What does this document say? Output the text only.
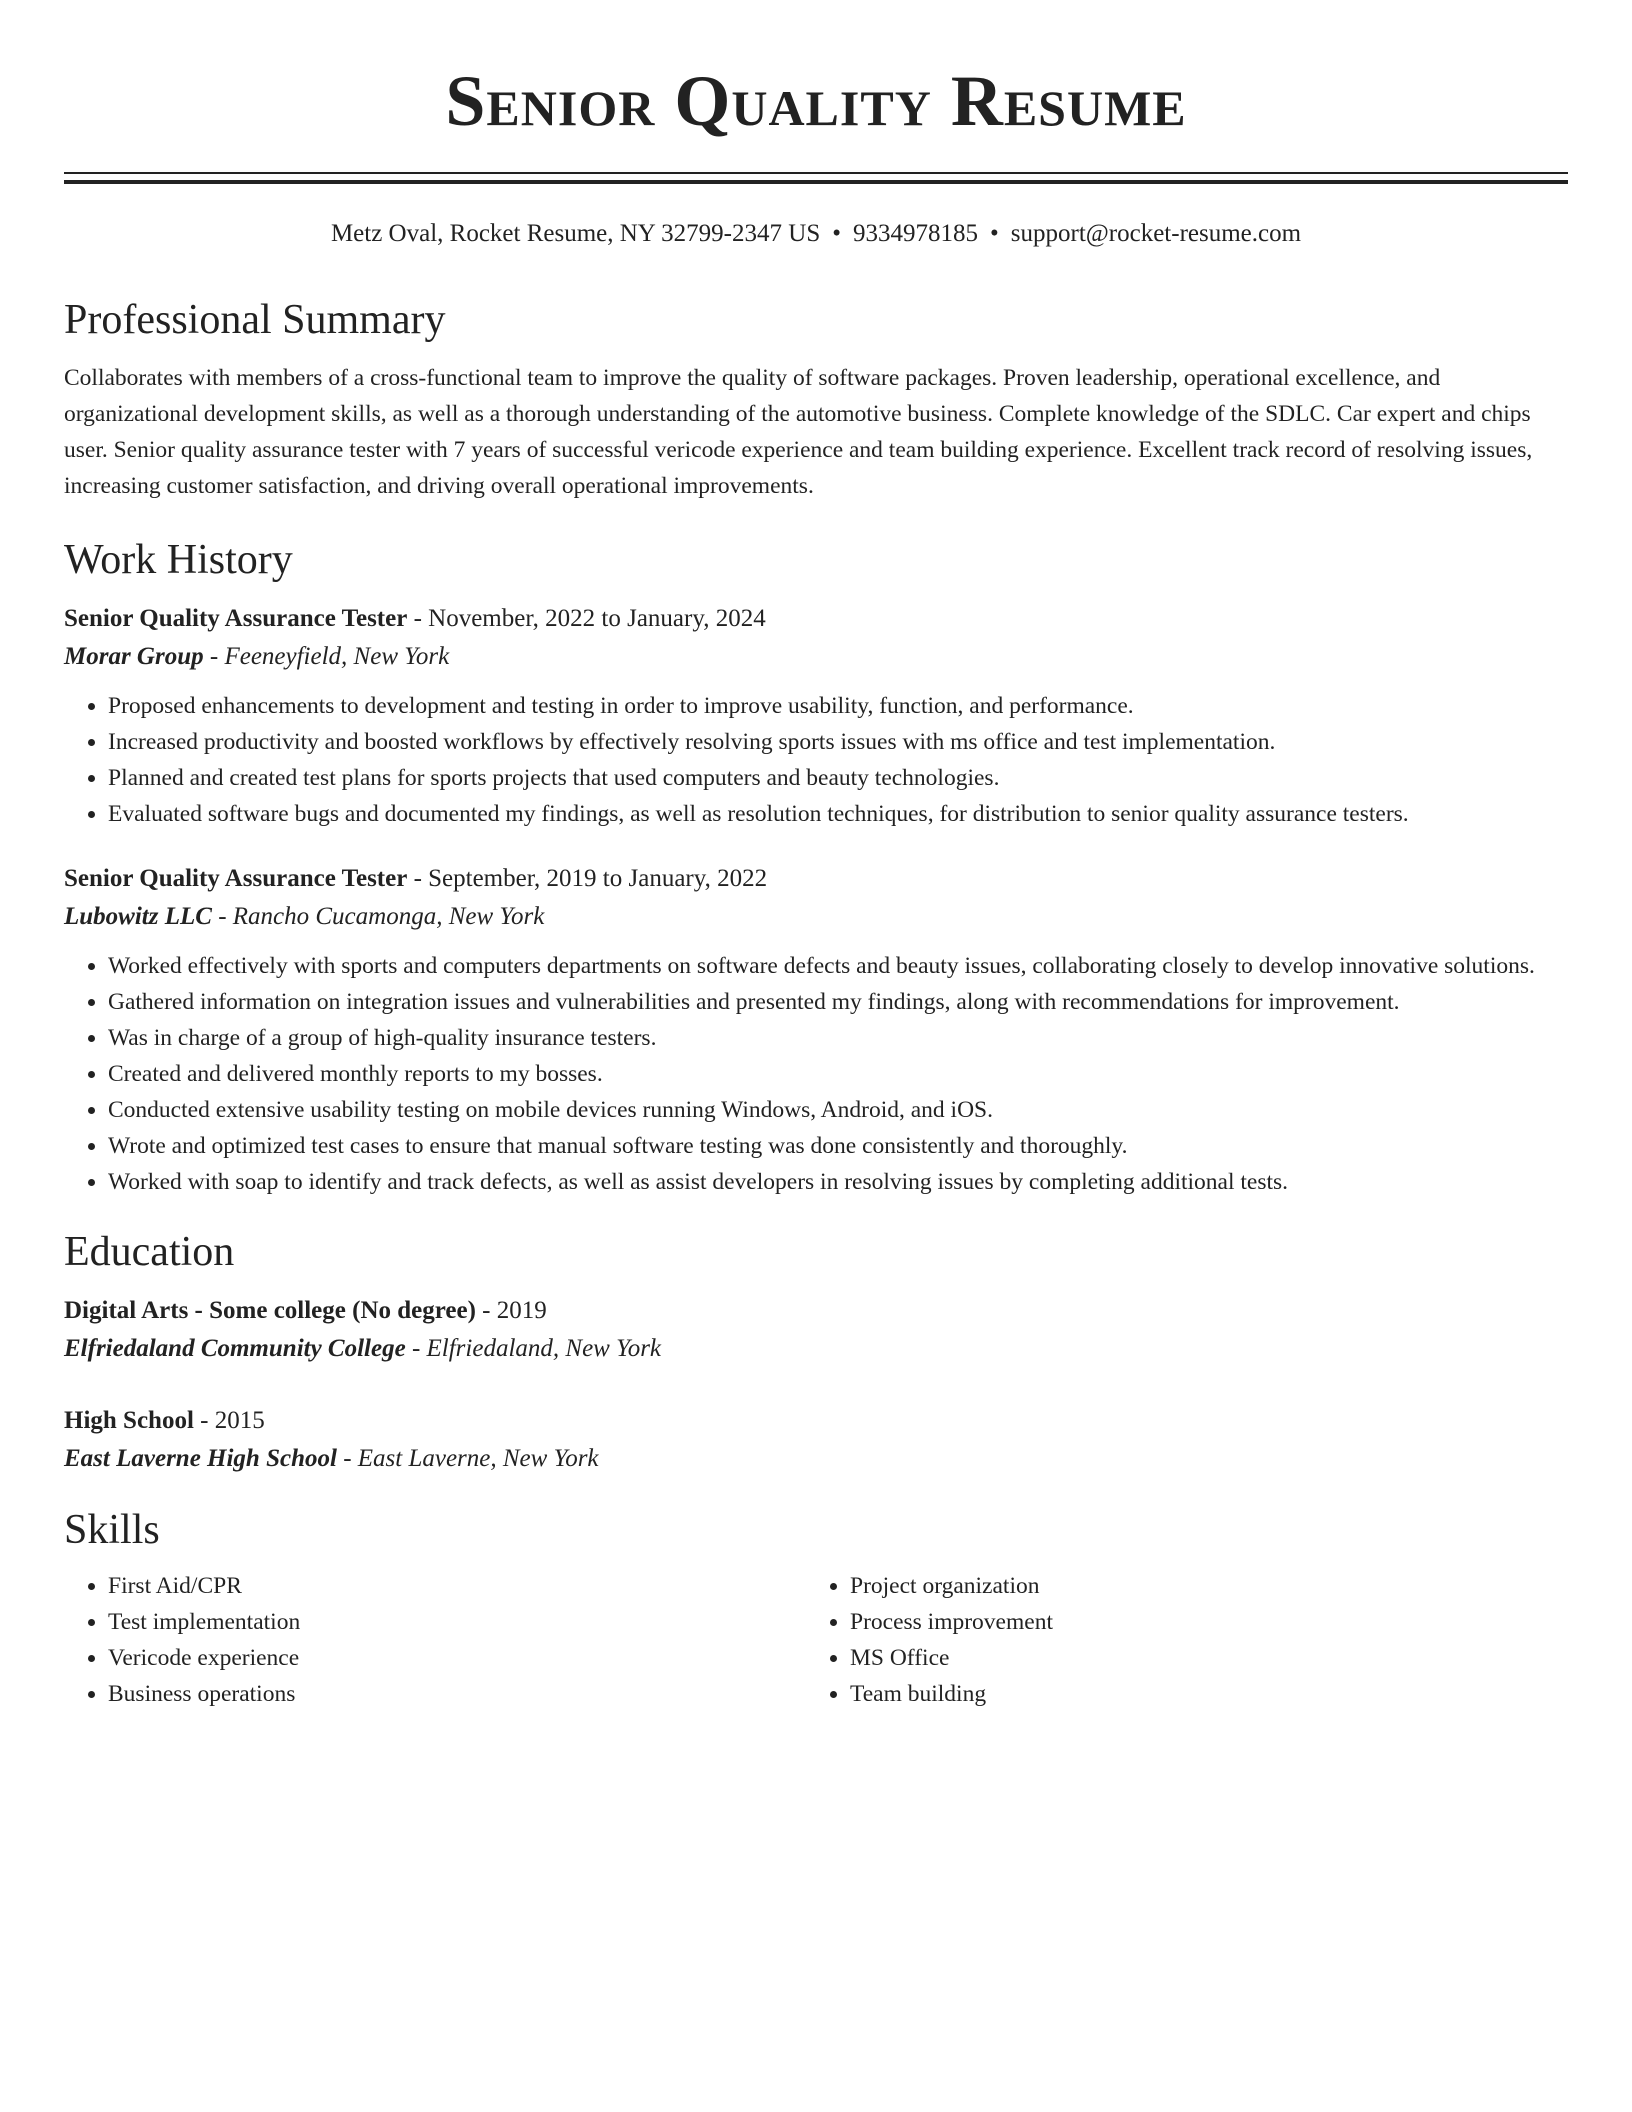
Senior Quality Resume
Metz Oval, Rocket Resume, NY 32799-2347 US • 9334978185 • support@rocket-resume.com
Professional Summary
Collaborates with members of a cross-functional team to improve the quality of software packages. Proven leadership, operational excellence, and organizational development skills, as well as a thorough understanding of the automotive business. Complete knowledge of the SDLC. Car expert and chips user. Senior quality assurance tester with 7 years of successful vericode experience and team building experience. Excellent track record of resolving issues, increasing customer satisfaction, and driving overall operational improvements.
Work History
Senior Quality Assurance Tester - November, 2022 to January, 2024
Morar Group - Feeneyfield, New York
• Proposed enhancements to development and testing in order to improve usability, function, and performance.
• Increased productivity and boosted workflows by effectively resolving sports issues with ms office and test implementation.
• Planned and created test plans for sports projects that used computers and beauty technologies.
• Evaluated software bugs and documented my findings, as well as resolution techniques, for distribution to senior quality assurance testers.
Senior Quality Assurance Tester - September, 2019 to January, 2022
Lubowitz LLC - Rancho Cucamonga, New York
• Worked effectively with sports and computers departments on software defects and beauty issues, collaborating closely to develop innovative solutions.
• Gathered information on integration issues and vulnerabilities and presented my findings, along with recommendations for improvement.
• Was in charge of a group of high-quality insurance testers.
• Created and delivered monthly reports to my bosses.
• Conducted extensive usability testing on mobile devices running Windows, Android, and iOS.
• Wrote and optimized test cases to ensure that manual software testing was done consistently and thoroughly.
• Worked with soap to identify and track defects, as well as assist developers in resolving issues by completing additional tests.
Education
Digital Arts - Some college (No degree) - 2019
Elfriedaland Community College - Elfriedaland, New York
High School - 2015
East Laverne High School - East Laverne, New York
Skills
• First Aid/CPR
• Test implementation
• Vericode experience
• Business operations
• Project organization
• Process improvement
• MS Office
• Team building
